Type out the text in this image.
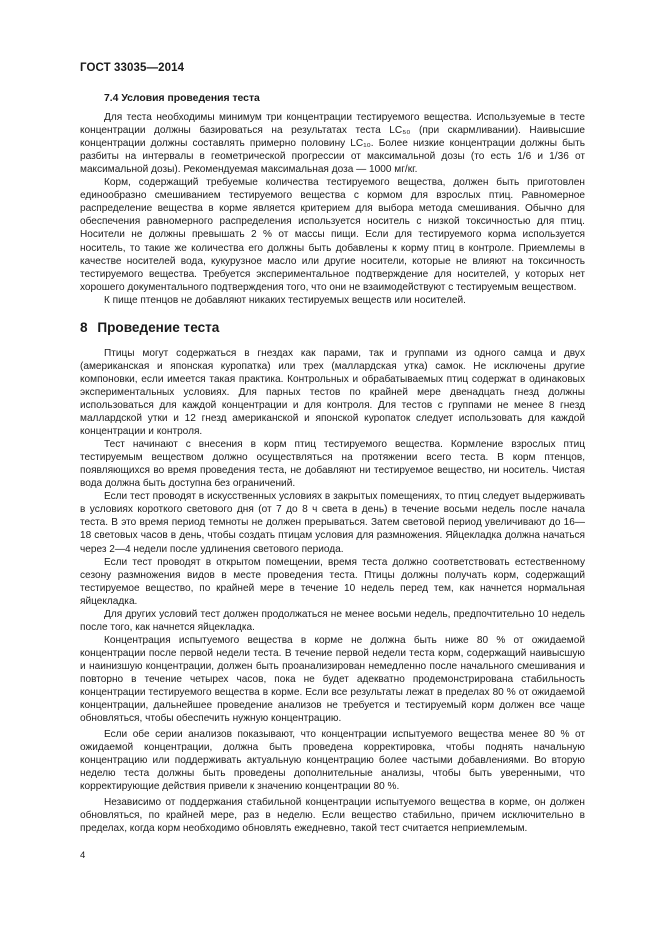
ГОСТ 33035—2014
7.4 Условия проведения теста

Для теста необходимы минимум три концентрации тестируемого вещества. Используемые в тесте концентрации должны базироваться на результатах теста LC₅₀ (при скармливании). Наивысшие концентрации должны составлять примерно половину LC₁₀. Более низкие концентрации должны быть разбиты на интервалы в геометрической прогрессии от максимальной дозы (то есть 1/6 и 1/36 от максимальной дозы). Рекомендуемая максимальная доза — 1000 мг/кг.

Корм, содержащий требуемые количества тестируемого вещества, должен быть приготовлен единообразно смешиванием тестируемого вещества с кормом для взрослых птиц. Равномерное распределение вещества в корме является критерием для выбора метода смешивания. Обычно для обеспечения равномерного распределения используется носитель с низкой токсичностью для птиц. Носители не должны превышать 2 % от массы пищи. Если для тестируемого корма используется носитель, то такие же количества его должны быть добавлены к корму птиц в контроле. Приемлемы в качестве носителей вода, кукурузное масло или другие носители, которые не влияют на токсичность тестируемого вещества. Требуется экспериментальное подтверждение для носителей, у которых нет хорошего документального подтверждения того, что они не взаимодействуют с тестируемым веществом.

К пище птенцов не добавляют никаких тестируемых веществ или носителей.

8 Проведение теста

Птицы могут содержаться в гнездах как парами, так и группами из одного самца и двух (американская и японская куропатка) или трех (маллардская утка) самок. Не исключены другие компоновки, если имеется такая практика. Контрольных и обрабатываемых птиц содержат в одинаковых экспериментальных условиях. Для парных тестов по крайней мере двенадцать гнезд должны использоваться для каждой концентрации и для контроля. Для тестов с группами не менее 8 гнезд маллардской утки и 12 гнезд американской и японской куропаток следует использовать для каждой концентрации и контроля.

Тест начинают с внесения в корм птиц тестируемого вещества. Кормление взрослых птиц тестируемым веществом должно осуществляться на протяжении всего теста. В корм птенцов, появляющихся во время проведения теста, не добавляют ни тестируемое вещество, ни носитель. Чистая вода должна быть доступна без ограничений.

Если тест проводят в искусственных условиях в закрытых помещениях, то птиц следует выдерживать в условиях короткого светового дня (от 7 до 8 ч света в день) в течение восьми недель после начала теста. В это время период темноты не должен прерываться. Затем световой период увеличивают до 16—18 световых часов в день, чтобы создать птицам условия для размножения. Яйцекладка должна начаться через 2—4 недели после удлинения светового периода.

Если тест проводят в открытом помещении, время теста должно соответствовать естественному сезону размножения видов в месте проведения теста. Птицы должны получать корм, содержащий тестируемое вещество, по крайней мере в течение 10 недель перед тем, как начнется нормальная яйцекладка.

Для других условий тест должен продолжаться не менее восьми недель, предпочтительно 10 недель после того, как начнется яйцекладка.

Концентрация испытуемого вещества в корме не должна быть ниже 80 % от ожидаемой концентрации после первой недели теста. В течение первой недели теста корм, содержащий наивысшую и наинизшую концентрации, должен быть проанализирован немедленно после начального смешивания и повторно в течение четырех часов, пока не будет адекватно продемонстрирована стабильность концентрации тестируемого вещества в корме. Если все результаты лежат в пределах 80 % от ожидаемой концентрации, дальнейшее проведение анализов не требуется и тестируемый корм должен все чаще обновляться, чтобы обеспечить нужную концентрацию.

Если обе серии анализов показывают, что концентрации испытуемого вещества менее 80 % от ожидаемой концентрации, должна быть проведена корректировка, чтобы поднять начальную концентрацию или поддерживать актуальную концентрацию более частыми добавлениями. Во вторую неделю теста должны быть проведены дополнительные анализы, чтобы быть уверенными, что корректирующие действия привели к значению концентрации 80 %.

Независимо от поддержания стабильной концентрации испытуемого вещества в корме, он должен обновляться, по крайней мере, раз в неделю. Если вещество стабильно, причем исключительно в пределах, когда корм необходимо обновлять ежедневно, такой тест считается неприемлемым.

4
